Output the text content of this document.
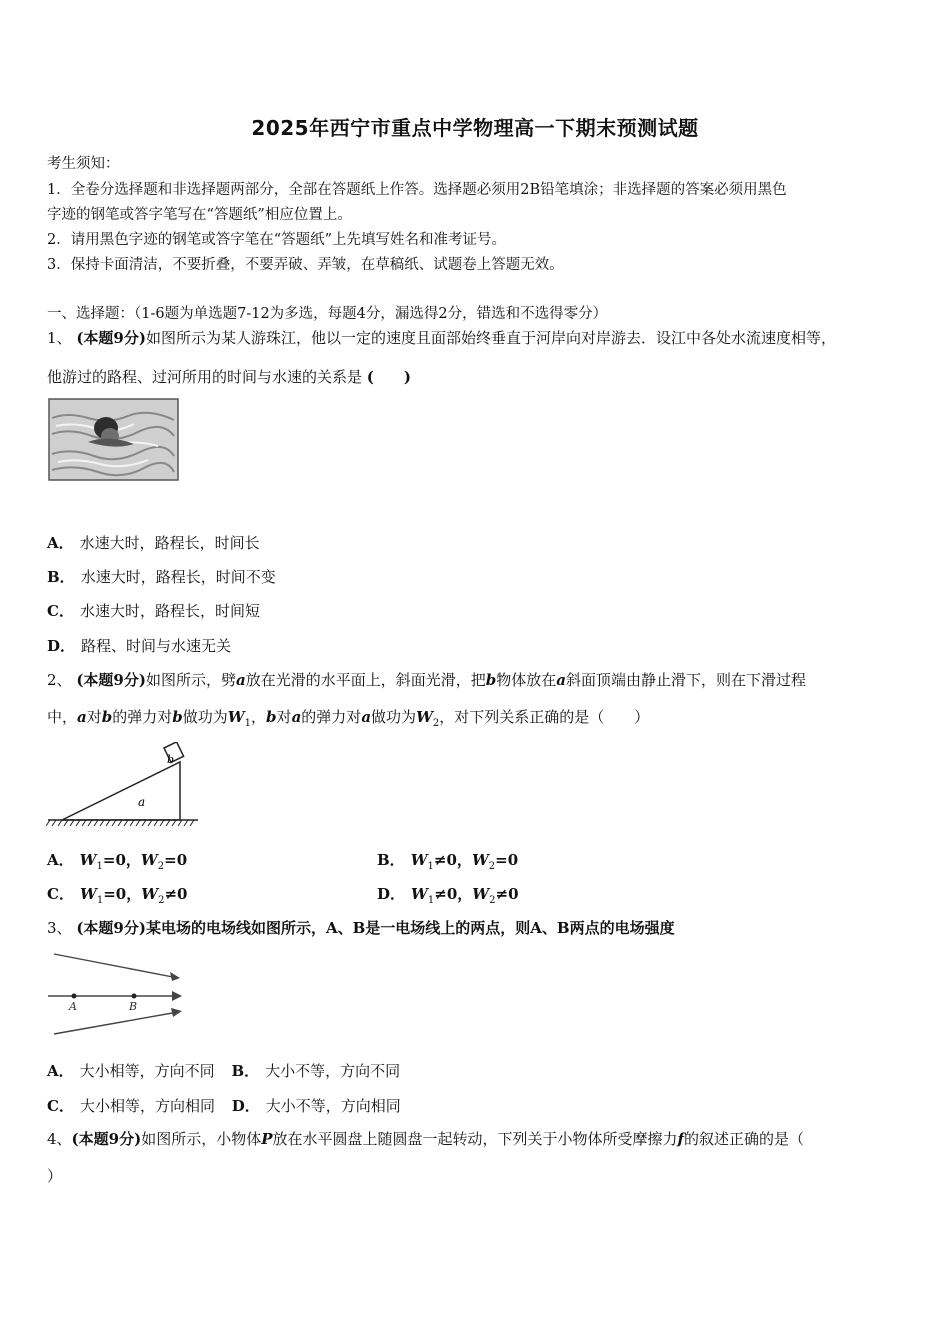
2025年西宁市重点中学物理高一下期末预测试题
考生须知：
1．全卷分选择题和非选择题两部分，全部在答题纸上作答。选择题必须用2B铅笔填涂；非选择题的答案必须用黑色
字迹的钢笔或答字笔写在“答题纸”相应位置上。
2．请用黑色字迹的钢笔或答字笔在“答题纸”上先填写姓名和准考证号。
3．保持卡面清洁，不要折叠，不要弄破、弄皱，在草稿纸、试题卷上答题无效。
一、选择题：（1-6题为单选题7-12为多选，每题4分，漏选得2分，错选和不选得零分）
1、 (本题9分)如图所示为某人游珠江，他以一定的速度且面部始终垂直于河岸向对岸游去．设江中各处水流速度相等，
他游过的路程、过河所用的时间与水速的关系是 (　　)
A． 水速大时，路程长，时间长
B． 水速大时，路程长，时间不变
C． 水速大时，路程长，时间短
D． 路程、时间与水速无关
2、 (本题9分)如图所示，劈a放在光滑的水平面上，斜面光滑，把b物体放在a斜面顶端由静止滑下，则在下滑过程
中，a对b的弹力对b做功为$W_1$，b对a的弹力对a做功为$W_2$，对下列关系正确的是（　　）
b
a
A． $W_1=0$，$W_2=0$	B． $W_1\ne 0$，$W_2=0$
C． $W_1=0$，$W_2\ne 0$	D． $W_1\ne 0$，$W_2\ne 0$
3、 (本题9分)某电场的电场线如图所示，A、B是一电场线上的两点，则A、B两点的电场强度
A	B
A． 大小相等，方向不同 B． 大小不等，方向不同
C． 大小相等，方向相同 D． 大小不等，方向相同
4、(本题9分)如图所示，小物体P放在水平圆盘上随圆盘一起转动，下列关于小物体所受摩擦力f的叙述正确的是（
）
